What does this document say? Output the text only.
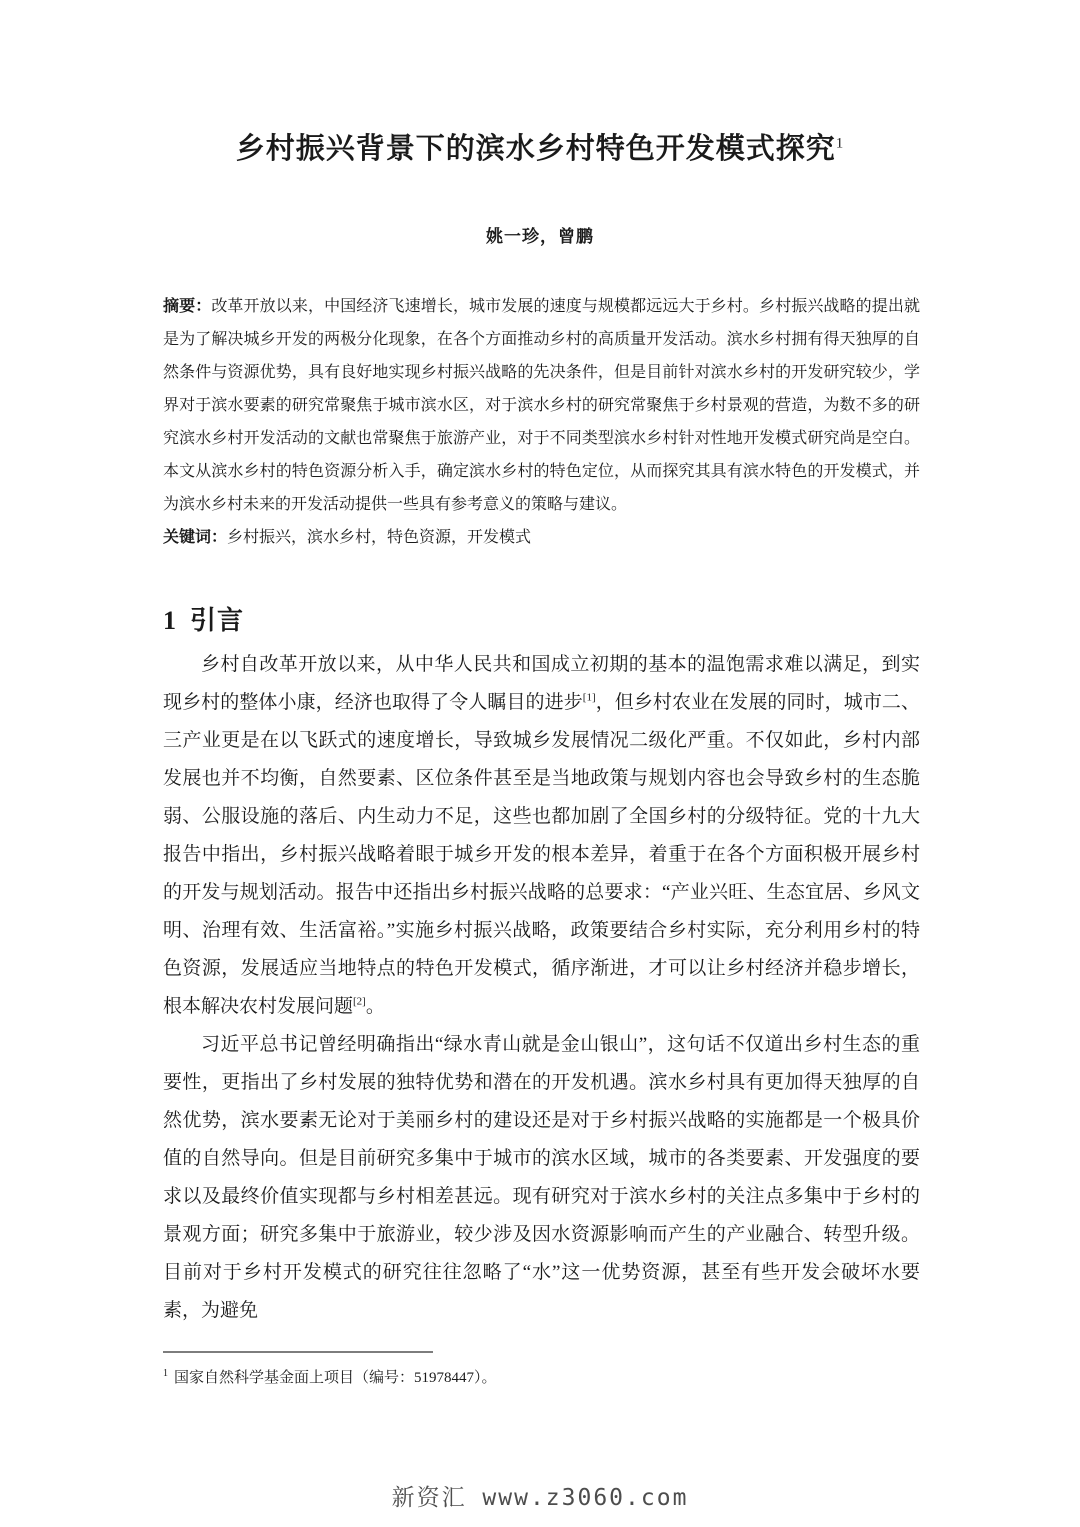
乡村振兴背景下的滨水乡村特色开发模式探究$^1$
姚一珍，曾鹏

摘要：改革开放以来，中国经济飞速增长，城市发展的速度与规模都远远大于乡村。乡村振兴战略的提出就是为了解决城乡开发的两极分化现象，在各个方面推动乡村的高质量开发活动。滨水乡村拥有得天独厚的自然条件与资源优势，具有良好地实现乡村振兴战略的先决条件，但是目前针对滨水乡村的开发研究较少，学界对于滨水要素的研究常聚焦于城市滨水区，对于滨水乡村的研究常聚焦于乡村景观的营造，为数不多的研究滨水乡村开发活动的文献也常聚焦于旅游产业，对于不同类型滨水乡村针对性地开发模式研究尚是空白。本文从滨水乡村的特色资源分析入手，确定滨水乡村的特色定位，从而探究其具有滨水特色的开发模式，并为滨水乡村未来的开发活动提供一些具有参考意义的策略与建议。

关键词：乡村振兴，滨水乡村，特色资源，开发模式

1 引言

乡村自改革开放以来，从中华人民共和国成立初期的基本的温饱需求难以满足，到实现乡村的整体小康，经济也取得了令人瞩目的进步[1]，但乡村农业在发展的同时，城市二、三产业更是在以飞跃式的速度增长，导致城乡发展情况二级化严重。不仅如此，乡村内部发展也并不均衡，自然要素、区位条件甚至是当地政策与规划内容也会导致乡村的生态脆弱、公服设施的落后、内生动力不足，这些也都加剧了全国乡村的分级特征。党的十九大报告中指出，乡村振兴战略着眼于城乡开发的根本差异，着重于在各个方面积极开展乡村的开发与规划活动。报告中还指出乡村振兴战略的总要求：“产业兴旺、生态宜居、乡风文明、治理有效、生活富裕。”实施乡村振兴战略，政策要结合乡村实际，充分利用乡村的特色资源，发展适应当地特点的特色开发模式，循序渐进，才可以让乡村经济并稳步增长，根本解决农村发展问题[2]。

习近平总书记曾经明确指出“绿水青山就是金山银山”，这句话不仅道出乡村生态的重要性，更指出了乡村发展的独特优势和潜在的开发机遇。滨水乡村具有更加得天独厚的自然优势，滨水要素无论对于美丽乡村的建设还是对于乡村振兴战略的实施都是一个极具价值的自然导向。但是目前研究多集中于城市的滨水区域，城市的各类要素、开发强度的要求以及最终价值实现都与乡村相差甚远。现有研究对于滨水乡村的关注点多集中于乡村的景观方面；研究多集中于旅游业，较少涉及因水资源影响而产生的产业融合、转型升级。目前对于乡村开发模式的研究往往忽略了“水”这一优势资源，甚至有些开发会破坏水要素，为避免

$^1$ 国家自然科学基金面上项目（编号：51978447）。
新资汇 www.z3060.com
